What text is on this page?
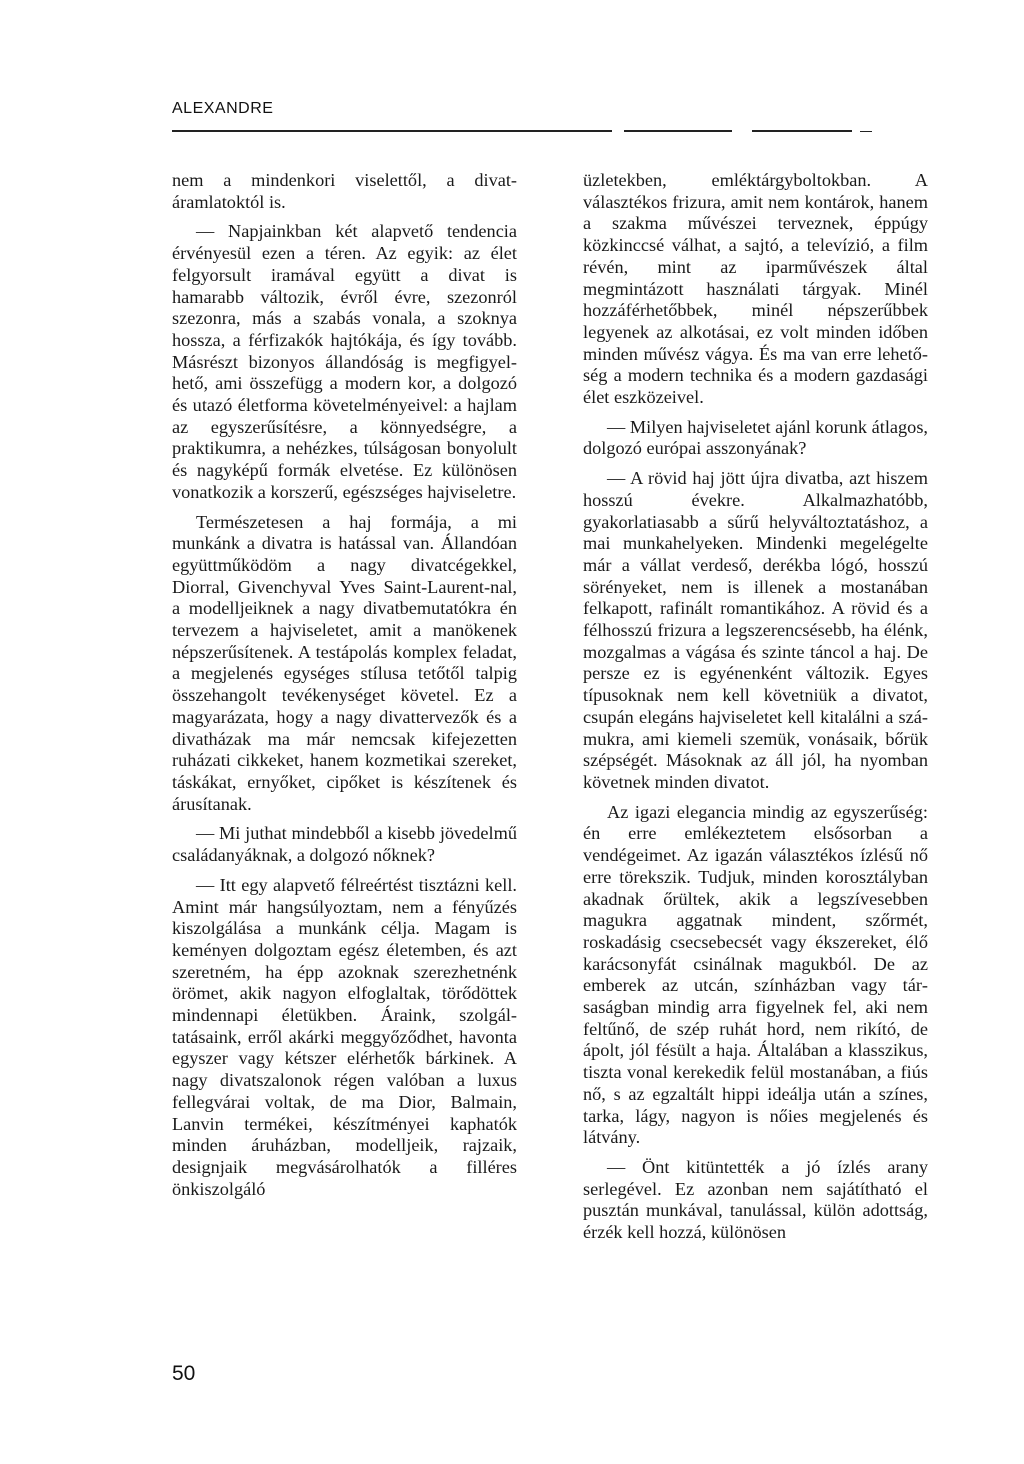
ALEXANDRE

nem a mindenkori viselettől, a divatáramlatoktól is.

— Napjainkban két alapvető tendencia érvényesül ezen a téren. Az egyik: az élet felgyorsult iramával együtt a divat is hamarabb változik, évről évre, szezonról szezonra, más a szabás vonala, a szoknya hossza, a férfizakók hajtókája, és így tovább. Másrészt bizonyos állandóság is megfigyelhető, ami összefügg a modern kor, a dolgozó és utazó életforma követelményeivel: a hajlam az egyszerűsítésre, a könnyedségre, a praktikumra, a nehézkes, túlságosan bonyolult és nagyképű formák elvetése. Ez különösen vonatkozik a korszerű, egészséges hajviseletre.

Természetesen a haj formája, a mi munkánk a divatra is hatással van. Állandóan együttműködöm a nagy divatcégekkel, Diorral, Givenchyval Yves Saint-Laurent-nal, a modelljeiknek a nagy divatbemutatókra én tervezem a hajviseletet, amit a manökenek népszerűsítenek. A testápolás komplex feladat, a megjelenés egységes stílusa tetőtől talpig összehangolt tevékenységet követel. Ez a magyarázata, hogy a nagy divattervezők és a divatházak ma már nemcsak kifejezetten ruházati cikkeket, hanem kozmetikai szereket, táskákat, ernyőket, cipőket is készítenek és árusítanak.

— Mi juthat mindebből a kisebb jövedelmű családanyáknak, a dolgozó nőknek?

— Itt egy alapvető félreértést tisztázni kell. Amint már hangsúlyoztam, nem a fényűzés kiszolgálása a munkánk célja. Magam is keményen dolgoztam egész életemben, és azt szeretném, ha épp azoknak szerezhetnénk örömet, akik nagyon elfoglaltak, törődöttek mindennapi életükben. Áraink, szolgáltatásaink, erről akárki meggyőződhet, havonta egyszer vagy kétszer elérhetők bárkinek. A nagy divatszalonok régen valóban a luxus fellegvárai voltak, de ma Dior, Balmain, Lanvin termékei, készítményei kaphatók minden áruházban, modelljeik, rajzaik, designjaik megvásárolhatók a filléres önkiszolgáló

üzletekben, emléktárgyboltokban. A választékos frizura, amit nem kontárok, hanem a szakma művészei terveznek, éppúgy közkinccsé válhat, a sajtó, a televízió, a film révén, mint az iparművészek által megmintázott használati tárgyak. Minél hozzáférhetőbbek, minél népszerűbbek legyenek az alkotásai, ez volt minden időben minden művész vágya. És ma van erre lehetőség a modern technika és a modern gazdasági élet eszközeivel.

— Milyen hajviseletet ajánl korunk átlagos, dolgozó európai asszonyának?

— A rövid haj jött újra divatba, azt hiszem hosszú évekre. Alkalmazhatóbb, gyakorlatiasabb a sűrű helyváltoztatáshoz, a mai munkahelyeken. Mindenki megelégelte már a vállat verdeső, derékba lógó, hosszú sörényeket, nem is illenek a mostanában felkapott, rafinált romantikához. A rövid és a félhosszú frizura a legszerencsésebb, ha élénk, mozgalmas a vágása és szinte táncol a haj. De persze ez is egyénenként változik. Egyes típusoknak nem kell követniük a divatot, csupán elegáns hajviseletet kell kitalálni a számukra, ami kiemeli szemük, vonásaik, bőrük szépségét. Másoknak az áll jól, ha nyomban követnek minden divatot.

Az igazi elegancia mindig az egyszerűség: én erre emlékeztetem elsősorban a vendégeimet. Az igazán választékos ízlésű nő erre törekszik. Tudjuk, minden korosztályban akadnak őrültek, akik a legszívesebben magukra aggatnak mindent, szőrmét, roskadásig csecsebecsét vagy ékszereket, élő karácsonyfát csinálnak magukból. De az emberek az utcán, színházban vagy társaságban mindig arra figyelnek fel, aki nem feltűnő, de szép ruhát hord, nem rikító, de ápolt, jól fésült a haja. Általában a klasszikus, tiszta vonal kerekedik felül mostanában, a fiús nő, s az egzaltált hippi ideálja után a színes, tarka, lágy, nagyon is nőies megjelenés és látvány.

— Önt kitüntették a jó ízlés arany serlegével. Ez azonban nem sajátítható el pusztán munkával, tanulással, külön adottság, érzék kell hozzá, különösen

50
